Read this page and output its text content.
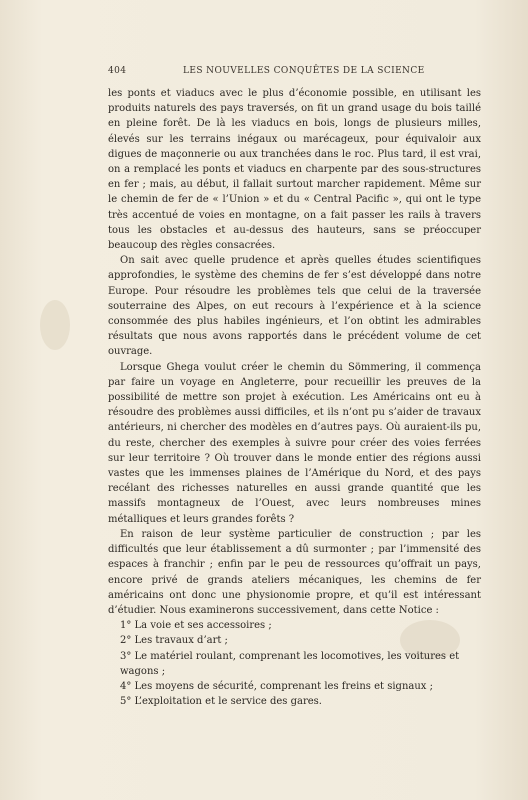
404	LES NOUVELLES CONQUÊTES DE LA SCIENCE

les ponts et viaducs avec le plus d’économie possible, en utilisant les produits naturels des pays traversés, on fit un grand usage du bois taillé en pleine forêt. De là les viaducs en bois, longs de plusieurs milles, élevés sur les terrains inégaux ou marécageux, pour équivaloir aux digues de maçonnerie ou aux tranchées dans le roc. Plus tard, il est vrai, on a remplacé les ponts et viaducs en charpente par des sous-structures en fer ; mais, au début, il fallait surtout marcher rapidement. Même sur le chemin de fer de « l’Union » et du « Central Pacific », qui ont le type très accentué de voies en montagne, on a fait passer les rails à travers tous les obstacles et au-dessus des hauteurs, sans se préoccuper beaucoup des règles consacrées.

On sait avec quelle prudence et après quelles études scientifiques approfondies, le système des chemins de fer s’est développé dans notre Europe. Pour résoudre les problèmes tels que celui de la traversée souterraine des Alpes, on eut recours à l’expérience et à la science consommée des plus habiles ingénieurs, et l’on obtint les admirables résultats que nous avons rapportés dans le précédent volume de cet ouvrage.

Lorsque Ghega voulut créer le chemin du Sömmering, il commença par faire un voyage en Angleterre, pour recueillir les preuves de la possibilité de mettre son projet à exécution. Les Américains ont eu à résoudre des problèmes aussi difficiles, et ils n’ont pu s’aider de travaux antérieurs, ni chercher des modèles en d’autres pays. Où auraient-ils pu, du reste, chercher des exemples à suivre pour créer des voies ferrées sur leur territoire ? Où trouver dans le monde entier des régions aussi vastes que les immenses plaines de l’Amérique du Nord, et des pays recélant des richesses naturelles en aussi grande quantité que les massifs montagneux de l’Ouest, avec leurs nombreuses mines métalliques et leurs grandes forêts ?

En raison de leur système particulier de construction ; par les difficultés que leur établissement a dû surmonter ; par l’immensité des espaces à franchir ; enfin par le peu de ressources qu’offrait un pays, encore privé de grands ateliers mécaniques, les chemins de fer américains ont donc une physionomie propre, et qu’il est intéressant d’étudier. Nous examinerons successivement, dans cette Notice :

1° La voie et ses accessoires ;
2° Les travaux d’art ;
3° Le matériel roulant, comprenant les locomotives, les voitures et wagons ;
4° Les moyens de sécurité, comprenant les freins et signaux ;
5° L’exploitation et le service des gares.
